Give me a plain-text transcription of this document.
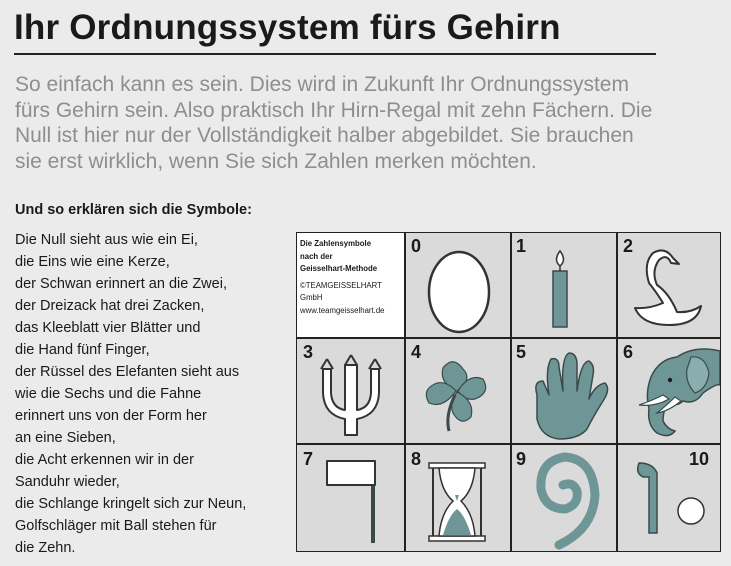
Ihr Ordnungssystem fürs Gehirn

So einfach kann es sein. Dies wird in Zukunft Ihr Ordnungssystem
fürs Gehirn sein. Also praktisch Ihr Hirn-Regal mit zehn Fächern. Die
Null ist hier nur der Vollständigkeit halber abgebildet. Sie brauchen
sie erst wirklich, wenn Sie sich Zahlen merken möchten.

Und so erklären sich die Symbole:
Die Null sieht aus wie ein Ei,
die Eins wie eine Kerze,
der Schwan erinnert an die Zwei,
der Dreizack hat drei Zacken,
das Kleeblatt vier Blätter und
die Hand fünf Finger,
der Rüssel des Elefanten sieht aus
wie die Sechs und die Fahne
erinnert uns von der Form her
an eine Sieben,
die Acht erkennen wir in der
Sanduhr wieder,
die Schlange kringelt sich zur Neun,
Golfschläger mit Ball stehen für
die Zehn.
Die Zahlensymbole
nach der
Geisselhart-Methode
©TEAMGEISSELHART GmbH
www.teamgeisselhart.de
0	1	2
3	4	5	6
7	8	9	10
